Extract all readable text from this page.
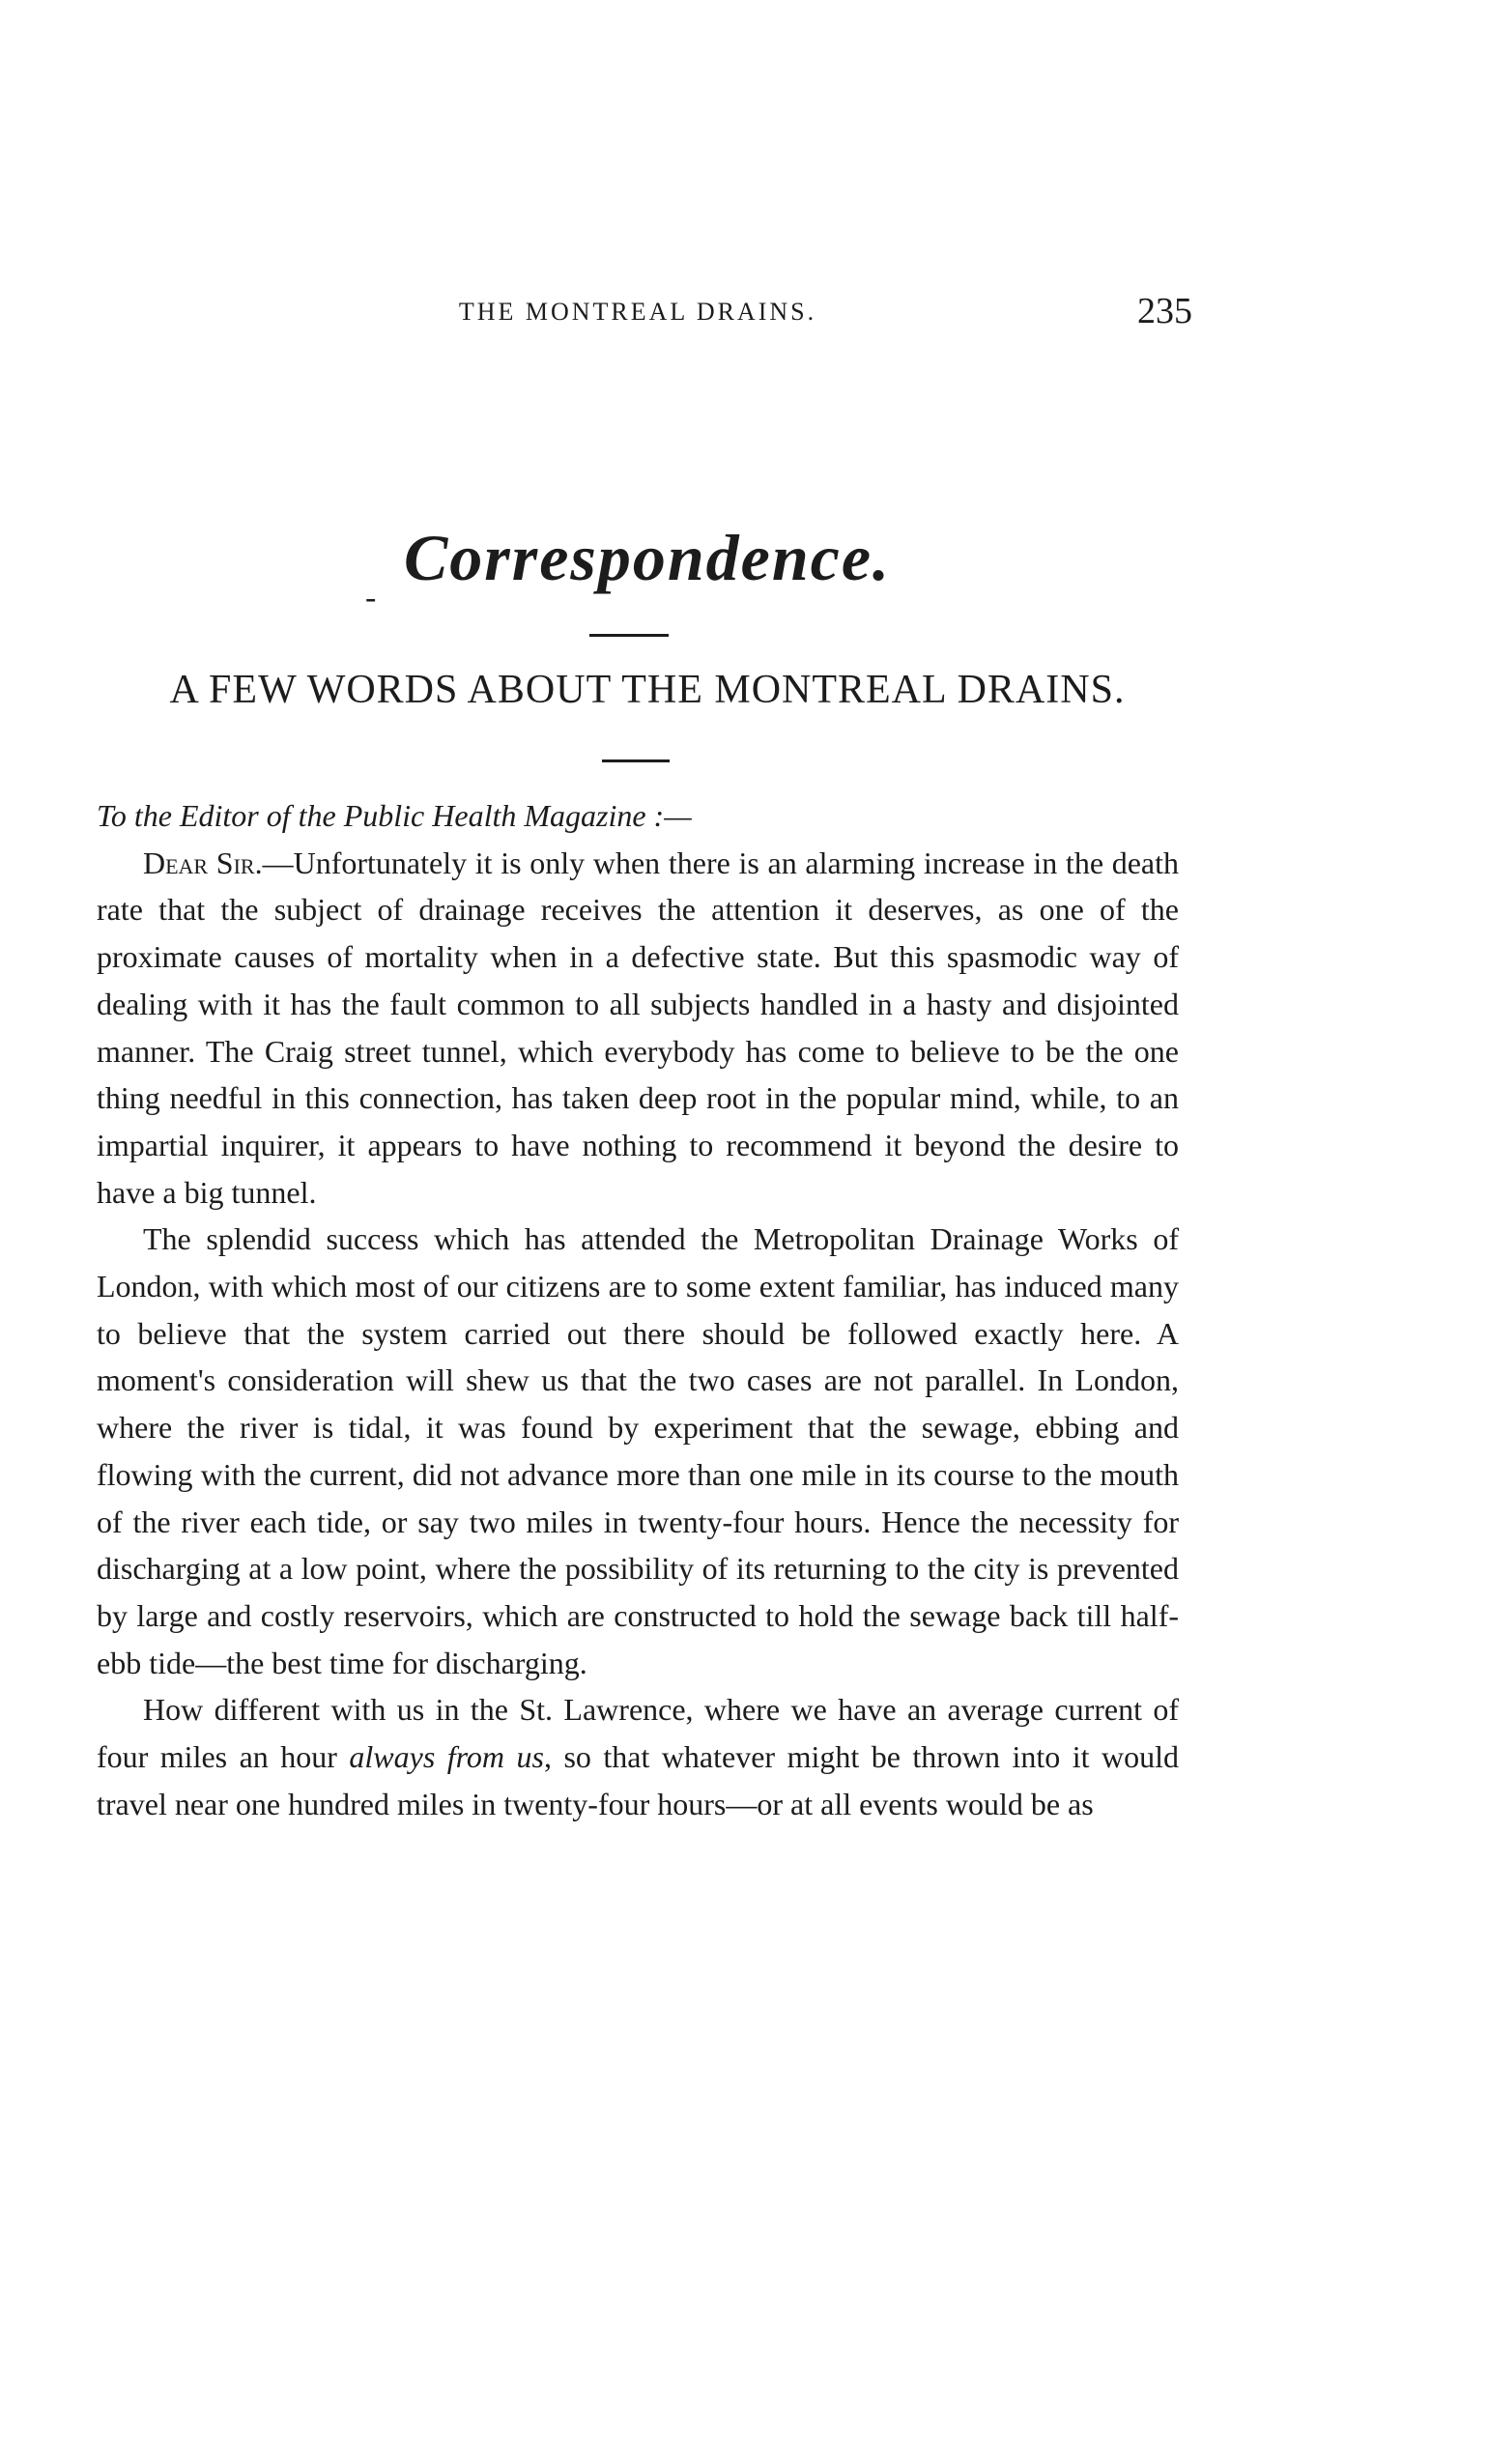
THE MONTREAL DRAINS.	235
-
Correspondence.
A FEW WORDS ABOUT THE MONTREAL DRAINS.

To the Editor of the Public Health Magazine :—

Dear Sir.—Unfortunately it is only when there is an alarming increase in the death rate that the subject of drainage receives the attention it deserves, as one of the proximate causes of mortality when in a defective state. But this spasmodic way of dealing with it has the fault common to all subjects handled in a hasty and disjointed manner. The Craig street tunnel, which everybody has come to believe to be the one thing needful in this connection, has taken deep root in the popular mind, while, to an impartial inquirer, it appears to have nothing to recommend it beyond the desire to have a big tunnel.

The splendid success which has attended the Metropolitan Drainage Works of London, with which most of our citizens are to some extent familiar, has induced many to believe that the system carried out there should be followed exactly here. A moment's consideration will shew us that the two cases are not parallel. In London, where the river is tidal, it was found by experiment that the sewage, ebbing and flowing with the current, did not advance more than one mile in its course to the mouth of the river each tide, or say two miles in twenty-four hours. Hence the necessity for discharging at a low point, where the possibility of its returning to the city is prevented by large and costly reservoirs, which are constructed to hold the sewage back till half-ebb tide—the best time for discharging.

How different with us in the St. Lawrence, where we have an average current of four miles an hour always from us, so that whatever might be thrown into it would travel near one hundred miles in twenty-four hours—or at all events would be as
